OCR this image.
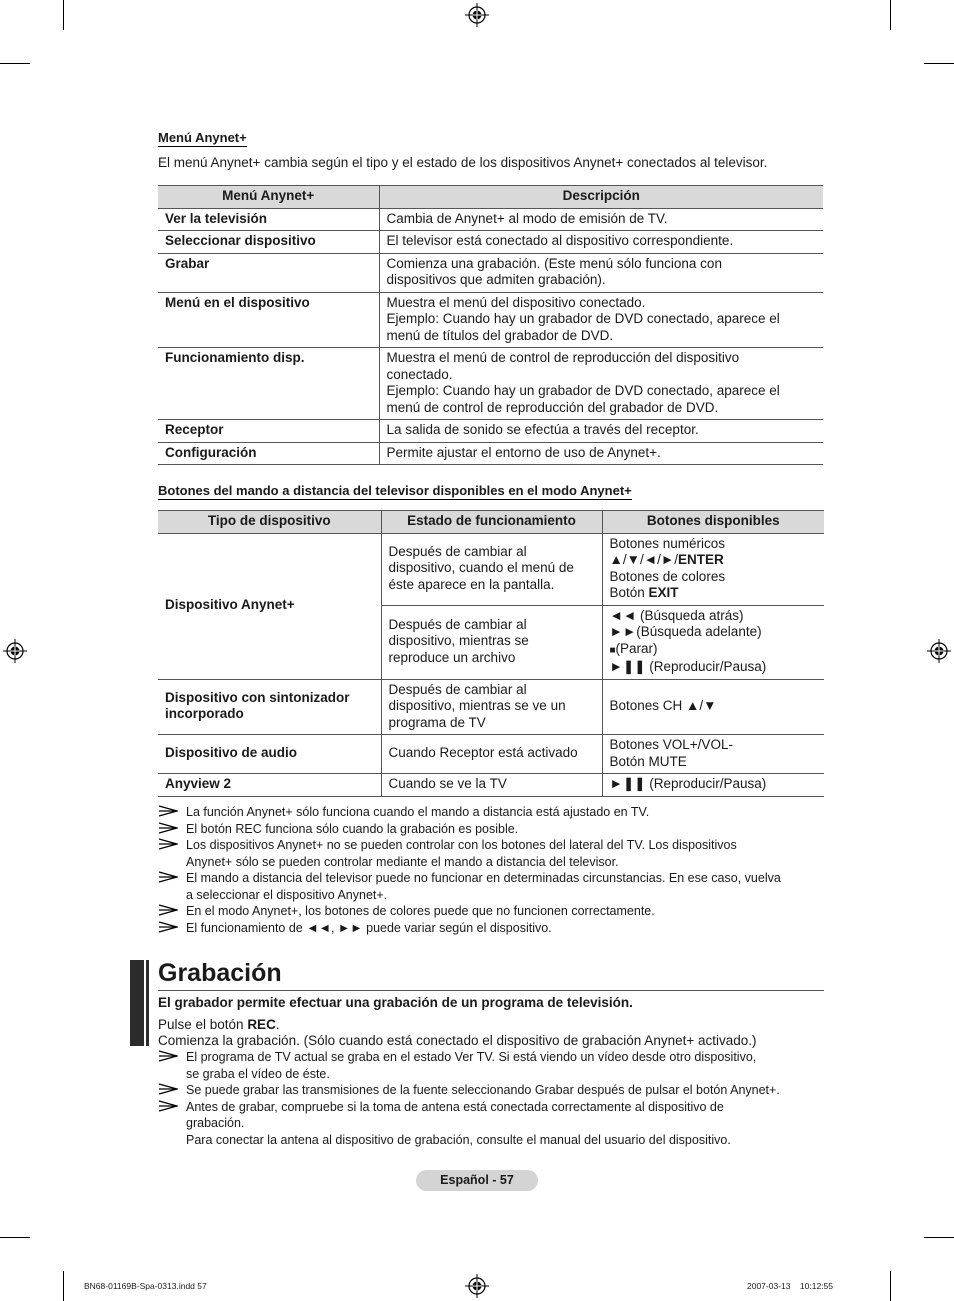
Menú Anynet+
El menú Anynet+ cambia según el tipo y el estado de los dispositivos Anynet+ conectados al televisor.
Menú Anynet+	Descripción
Ver la televisión	Cambia de Anynet+ al modo de emisión de TV.

Seleccionar dispositivo	El televisor está conectado al dispositivo correspondiente.

Grabar	Comienza una grabación. (Este menú sólo funciona con
dispositivos que admiten grabación).

Menú en el dispositivo	Muestra el menú del dispositivo conectado.
Ejemplo: Cuando hay un grabador de DVD conectado, aparece el
menú de títulos del grabador de DVD.

Funcionamiento disp.	Muestra el menú de control de reproducción del dispositivo
conectado.
Ejemplo: Cuando hay un grabador de DVD conectado, aparece el
menú de control de reproducción del grabador de DVD.

Receptor	La salida de sonido se efectúa a través del receptor.

Configuración	Permite ajustar el entorno de uso de Anynet+.
Botones del mando a distancia del televisor disponibles en el modo Anynet+
Tipo de dispositivo	Estado de funcionamiento	Botones disponibles
Dispositivo Anynet+	Después de cambiar al
dispositivo, cuando el menú de
éste aparece en la pantalla.	Botones numéricos
▲/▼/◄/►/ENTER
Botones de colores
Botón EXIT

	Después de cambiar al
dispositivo, mientras se
reproduce un archivo	◄◄ (Búsqueda atrás)
►►(Búsqueda adelante)
■(Parar)
►❚❚ (Reproducir/Pausa)

Dispositivo con sintonizador
incorporado	Después de cambiar al
dispositivo, mientras se ve un
programa de TV	Botones CH ▲/▼
Dispositivo de audio	Cuando Receptor está activado	Botones VOL+/VOL-
Botón MUTE

Anyview 2	Cuando se ve la TV	►❚❚ (Reproducir/Pausa)
La función Anynet+ sólo funciona cuando el mando a distancia está ajustado en TV.
El botón REC funciona sólo cuando la grabación es posible.
Los dispositivos Anynet+ no se pueden controlar con los botones del lateral del TV. Los dispositivos
Anynet+ sólo se pueden controlar mediante el mando a distancia del televisor.
El mando a distancia del televisor puede no funcionar en determinadas circunstancias. En ese caso, vuelva
a seleccionar el dispositivo Anynet+.
En el modo Anynet+, los botones de colores puede que no funcionen correctamente.
El funcionamiento de ◄◄, ►► puede variar según el dispositivo.
Grabación
El grabador permite efectuar una grabación de un programa de televisión.
Pulse el botón REC.
Comienza la grabación. (Sólo cuando está conectado el dispositivo de grabación Anynet+ activado.)
El programa de TV actual se graba en el estado Ver TV. Si está viendo un vídeo desde otro dispositivo,
se graba el vídeo de éste.
Se puede grabar las transmisiones de la fuente seleccionando Grabar después de pulsar el botón Anynet+.
Antes de grabar, compruebe si la toma de antena está conectada correctamente al dispositivo de
grabación.
Para conectar la antena al dispositivo de grabación, consulte el manual del usuario del dispositivo.
Español - 57
BN68-01169B-Spa-0313.indd 57	2007-03-13    10:12:55
